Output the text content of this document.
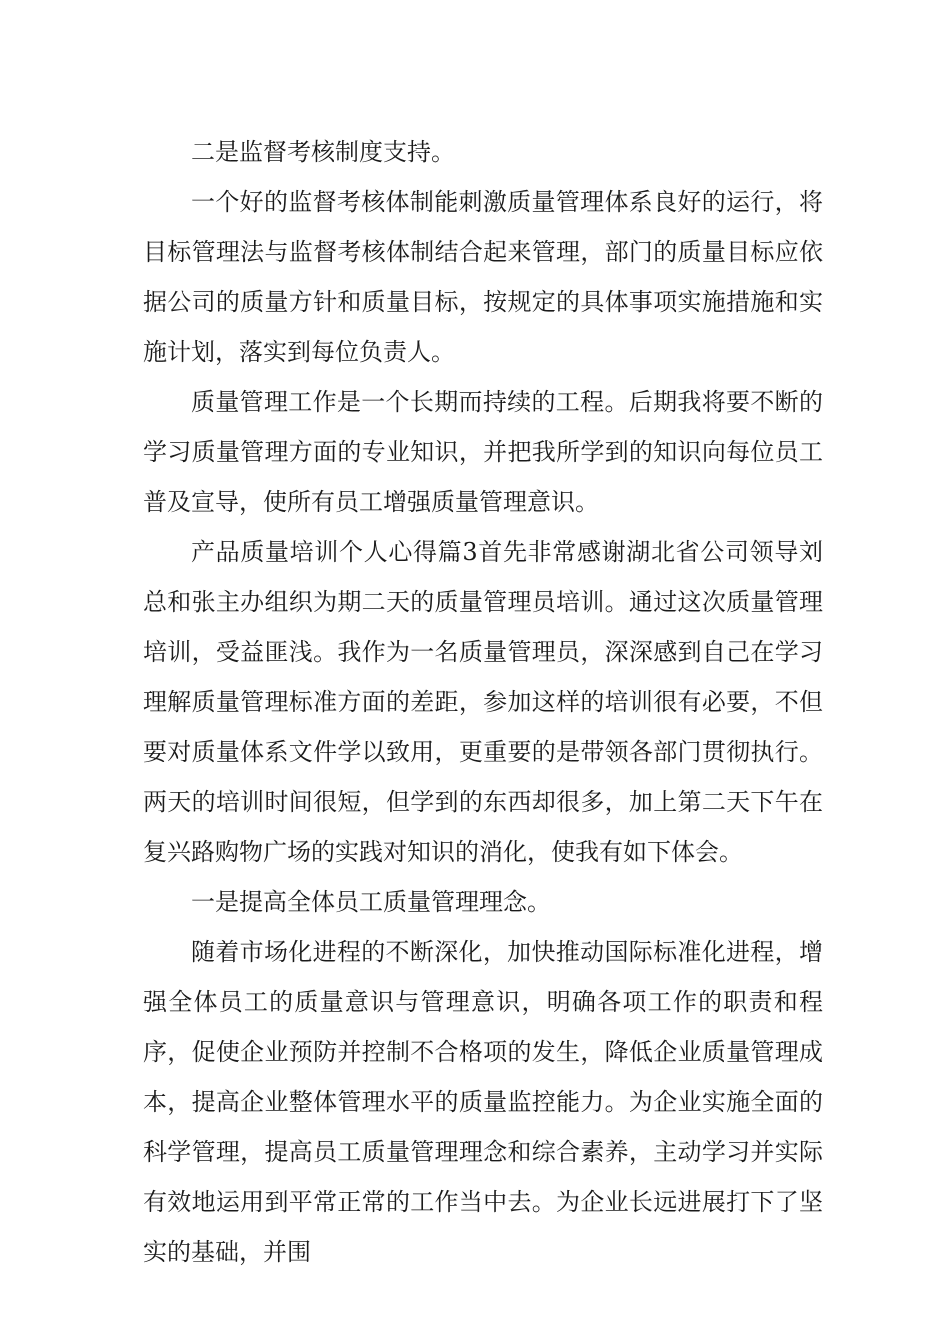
二是监督考核制度支持。

一个好的监督考核体制能刺激质量管理体系良好的运行，将目标管理法与监督考核体制结合起来管理，部门的质量目标应依据公司的质量方针和质量目标，按规定的具体事项实施措施和实施计划，落实到每位负责人。

质量管理工作是一个长期而持续的工程。后期我将要不断的学习质量管理方面的专业知识，并把我所学到的知识向每位员工普及宣导，使所有员工增强质量管理意识。

产品质量培训个人心得篇3首先非常感谢湖北省公司领导刘总和张主办组织为期二天的质量管理员培训。通过这次质量管理培训，受益匪浅。我作为一名质量管理员，深深感到自己在学习理解质量管理标准方面的差距，参加这样的培训很有必要，不但要对质量体系文件学以致用，更重要的是带领各部门贯彻执行。两天的培训时间很短，但学到的东西却很多，加上第二天下午在复兴路购物广场的实践对知识的消化，使我有如下体会。

一是提高全体员工质量管理理念。

随着市场化进程的不断深化，加快推动国际标准化进程，增强全体员工的质量意识与管理意识，明确各项工作的职责和程序，促使企业预防并控制不合格项的发生，降低企业质量管理成本，提高企业整体管理水平的质量监控能力。为企业实施全面的科学管理，提高员工质量管理理念和综合素养，主动学习并实际有效地运用到平常正常的工作当中去。为企业长远进展打下了坚实的基础，并围
